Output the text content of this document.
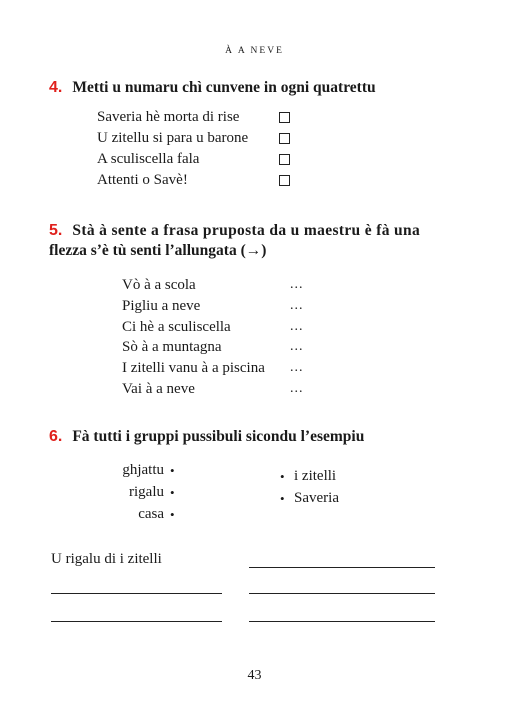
À A NEVE
4. Metti u numaru chì cunvene in ogni quatrettu
Saveria hè morta di rise
U zitellu si para u barone
A sculiscella fala
Attenti o Savè!
5. Stà à sente a frasa pruposta da u maestru è fà una
flezza s’è tù senti l’allungata (→)
Vò à a scola	...
Pigliu a neve	...
Ci hè a sculiscella	...
Sò à a muntagna	...
I zitelli vanu à a piscina ...
Vai à a neve	...
6. Fà tutti i gruppi pussibuli sicondu l’esempiu
ghjattu •
rigalu •
casa •
• i zitelli
• Saveria
U rigalu di i zitelli
43
